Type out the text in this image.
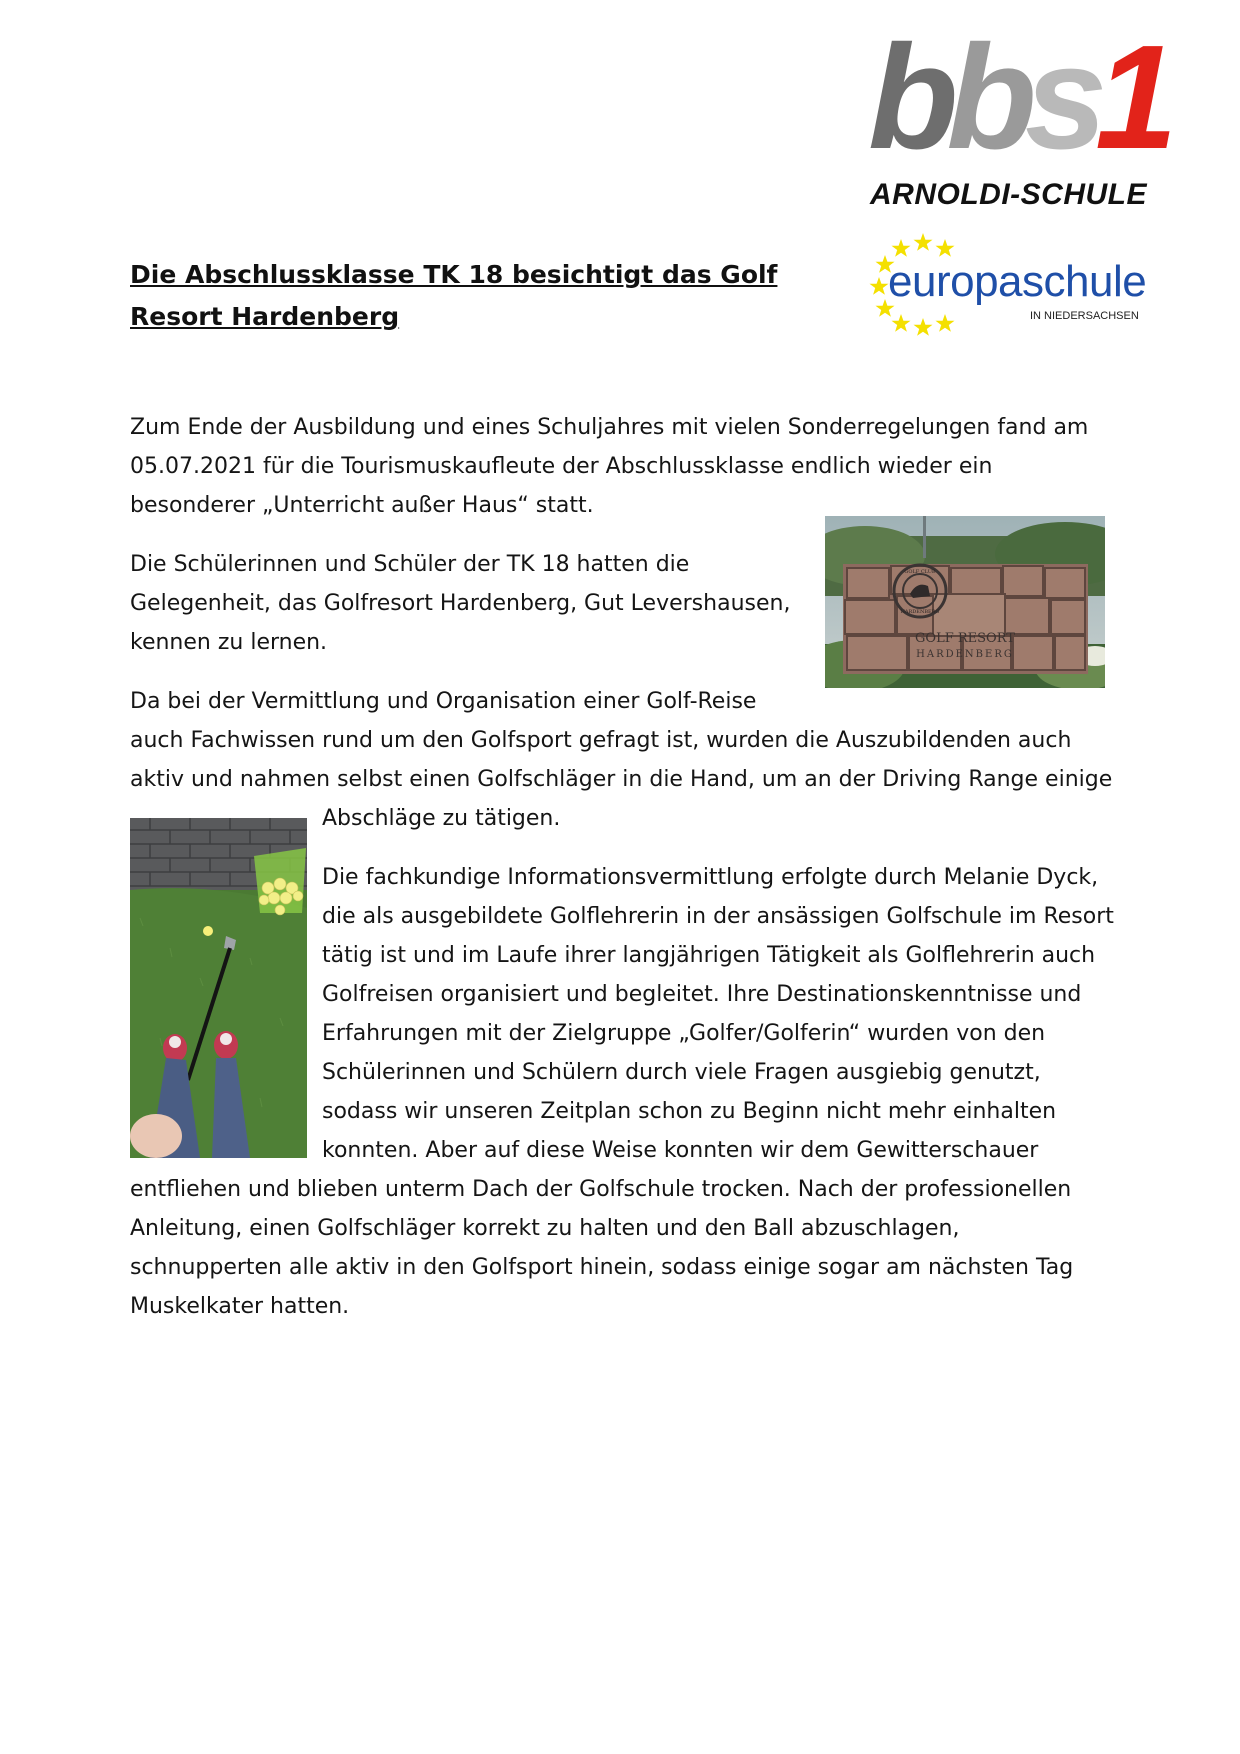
bbs1
ARNOLDI-SCHULE
europaschule
IN NIEDERSACHSEN
Die Abschlussklasse TK 18 besichtigt das Golf Resort Hardenberg

Zum Ende der Ausbildung und eines Schuljahres mit vielen Sonderregelungen fand am

05.07.2021 für die Tourismuskaufleute der Abschlussklasse endlich wieder ein

besonderer „Unterricht außer Haus“ statt.

Die Schülerinnen und Schüler der TK 18 hatten die

Gelegenheit, das Golfresort Hardenberg, Gut Levershausen,

kennen zu lernen.

Da bei der Vermittlung und Organisation einer Golf-Reise

auch Fachwissen rund um den Golfsport gefragt ist, wurden die Auszubildenden auch

aktiv und nahmen selbst einen Golfschläger in die Hand, um an der Driving Range einige

Abschläge zu tätigen.

Die fachkundige Informationsvermittlung erfolgte durch Melanie Dyck,

die als ausgebildete Golflehrerin in der ansässigen Golfschule im Resort

tätig ist und im Laufe ihrer langjährigen Tätigkeit als Golflehrerin auch

Golfreisen organisiert und begleitet. Ihre Destinationskenntnisse und

Erfahrungen mit der Zielgruppe „Golfer/Golferin“ wurden von den

Schülerinnen und Schülern durch viele Fragen ausgiebig genutzt,

sodass wir unseren Zeitplan schon zu Beginn nicht mehr einhalten

konnten. Aber auf diese Weise konnten wir dem Gewitterschauer

entfliehen und blieben unterm Dach der Golfschule trocken. Nach der professionellen

Anleitung, einen Golfschläger korrekt zu halten und den Ball abzuschlagen,

schnupperten alle aktiv in den Golfsport hinein, sodass einige sogar am nächsten Tag

Muskelkater hatten.

GOLF CLUB
HARDENBERG
GOLF RESORT
HARDENBERG
